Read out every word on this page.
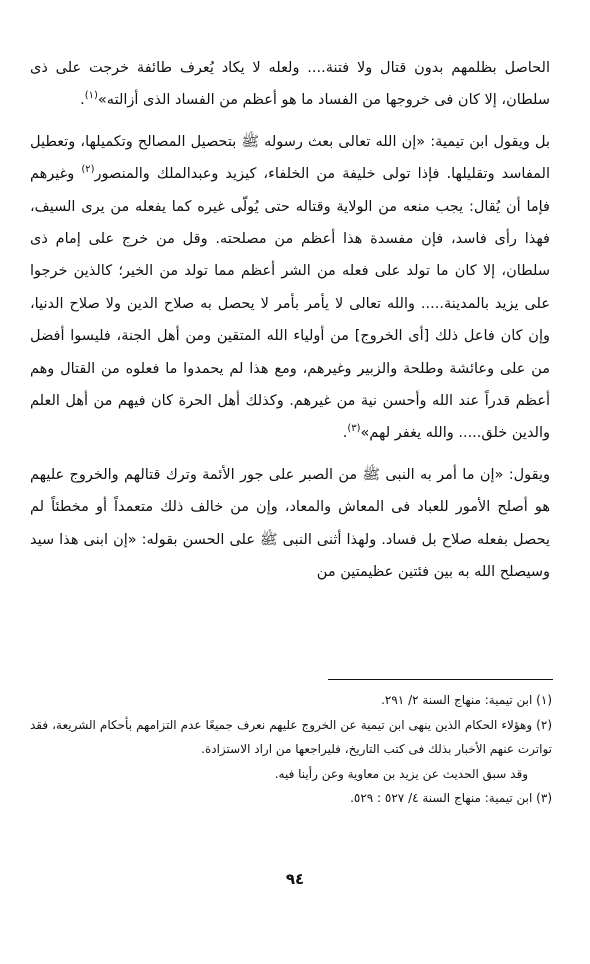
الحاصل بظلمهم بدون قتال ولا فتنة.... ولعله لا يكاد يُعرف طائفة خرجت على ذى سلطان، إلا كان فى خروجها من الفساد ما هو أعظم من الفساد الذى أزالته»$^{(١)}$.

بل ويقول ابن تيمية: «إن الله تعالى بعث رسوله ﷺ بتحصيل المصالح وتكميلها، وتعطيل المفاسد وتقليلها. فإذا تولى خليفة من الخلفاء، كيزيد وعبدالملك والمنصور$^{(٢)}$ وغيرهم فإما أن يُقال: يجب منعه من الولاية وقتاله حتى يُولّى غيره كما يفعله من يرى السيف، فهذا رأى فاسد، فإن مفسدة هذا أعظم من مصلحته. وقل من خرج على إمام ذى سلطان، إلا كان ما تولد على فعله من الشر أعظم مما تولد من الخير؛ كالذين خرجوا على يزيد بالمدينة..... والله تعالى لا يأمر بأمر لا يحصل به صلاح الدين ولا صلاح الدنيا، وإن كان فاعل ذلك [أى الخروج] من أولياء الله المتقين ومن أهل الجنة، فليسوا أفضل من على وعائشة وطلحة والزبير وغيرهم، ومع هذا لم يحمدوا ما فعلوه من القتال وهم أعظم قدراً عند الله وأحسن نية من غيرهم. وكذلك أهل الحرة كان فيهم من أهل العلم والدين خلق..... والله يغفر لهم»$^{(٣)}$.

ويقول: «إن ما أمر به النبى ﷺ من الصبر على جور الأئمة وترك قتالهم والخروج عليهم هو أصلح الأمور للعباد فى المعاش والمعاد، وإن من خالف ذلك متعمداً أو مخطئاً لم يحصل بفعله صلاح بل فساد. ولهذا أثنى النبى ﷺ على الحسن بقوله: «إن ابنى هذا سيد وسيصلح الله به بين فئتين عظيمتين من

(١) ابن تيمية: منهاج السنة ٢/ ٢٩١.

(٢) وهؤلاء الحكام الذين ينهى ابن تيمية عن الخروج عليهم نعرف جميعًا عدم التزامهم بأحكام الشريعة، فقد تواترت عنهم الأخبار بذلك فى كتب التاريخ، فليراجعها من اراد الاستزادة.

وقد سبق الحديث عن يزيد بن معاوية وعن رأينا فيه.

(٣) ابن تيمية: منهاج السنة ٤/ ٥٢٧ : ٥٢٩.

٩٤
